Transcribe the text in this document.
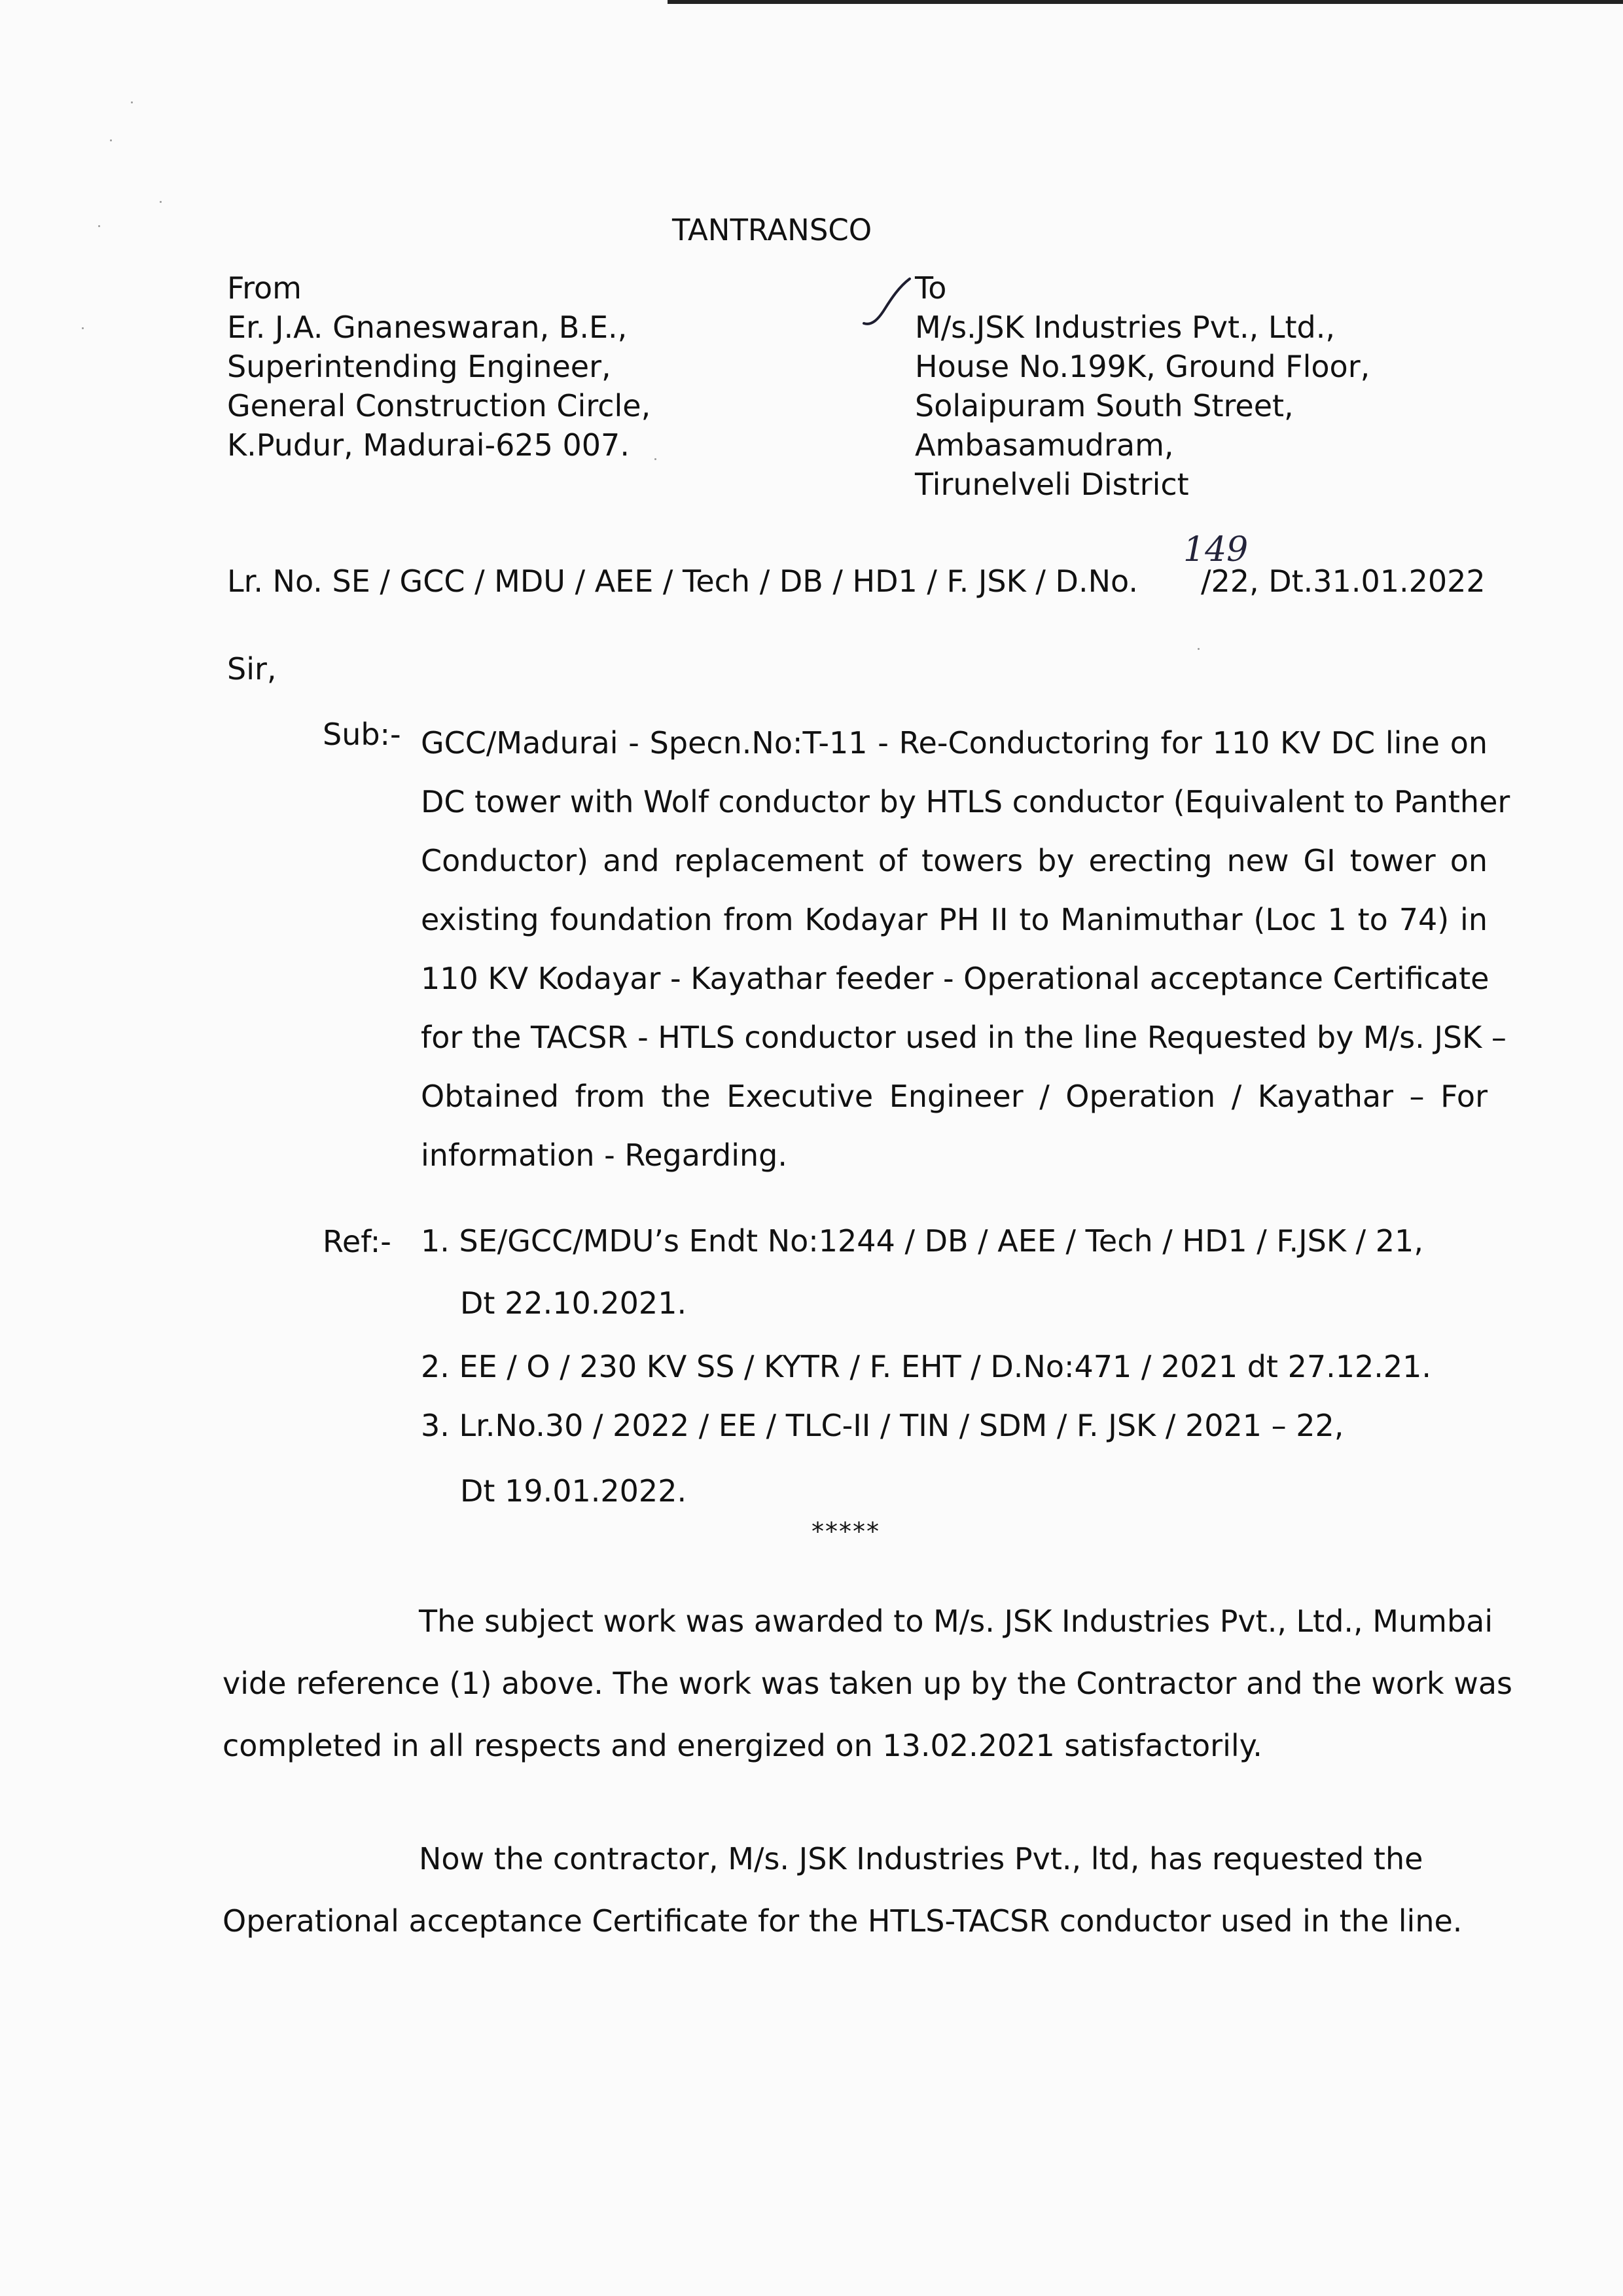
TANTRANSCO
From
Er. J.A. Gnaneswaran, B.E.,
Superintending Engineer,
General Construction Circle,
K.Pudur, Madurai-625 007.
To
M/s.JSK Industries Pvt., Ltd.,
House No.199K, Ground Floor,
Solaipuram South Street,
Ambasamudram,
Tirunelveli District
Lr. No. SE / GCC / MDU / AEE / Tech / DB / HD1 / F. JSK / D.No. /22, Dt.31.01.2022
149
Sir,
Sub:- GCC/Madurai - Specn.No:T-11 - Re-Conductoring for 110 KV DC line on
DC tower with Wolf conductor by HTLS conductor (Equivalent to Panther
Conductor) and replacement of towers by erecting new GI tower on
existing foundation from Kodayar PH II to Manimuthar (Loc 1 to 74) in
110 KV Kodayar - Kayathar feeder - Operational acceptance Certificate
for the TACSR - HTLS conductor used in the line Requested by M/s. JSK –
Obtained from the Executive Engineer / Operation / Kayathar – For
information - Regarding.
Ref:- 1. SE/GCC/MDU’s Endt No:1244 / DB / AEE / Tech / HD1 / F.JSK / 21,
Dt 22.10.2021.
2. EE / O / 230 KV SS / KYTR / F. EHT / D.No:471 / 2021 dt 27.12.21.
3. Lr.No.30 / 2022 / EE / TLC-II / TIN / SDM / F. JSK / 2021 – 22,
Dt 19.01.2022.
*****
The subject work was awarded to M/s. JSK Industries Pvt., Ltd., Mumbai
vide reference (1) above. The work was taken up by the Contractor and the work was
completed in all respects and energized on 13.02.2021 satisfactorily.
Now the contractor, M/s. JSK Industries Pvt., ltd, has requested the
Operational acceptance Certificate for the HTLS-TACSR conductor used in the line.
